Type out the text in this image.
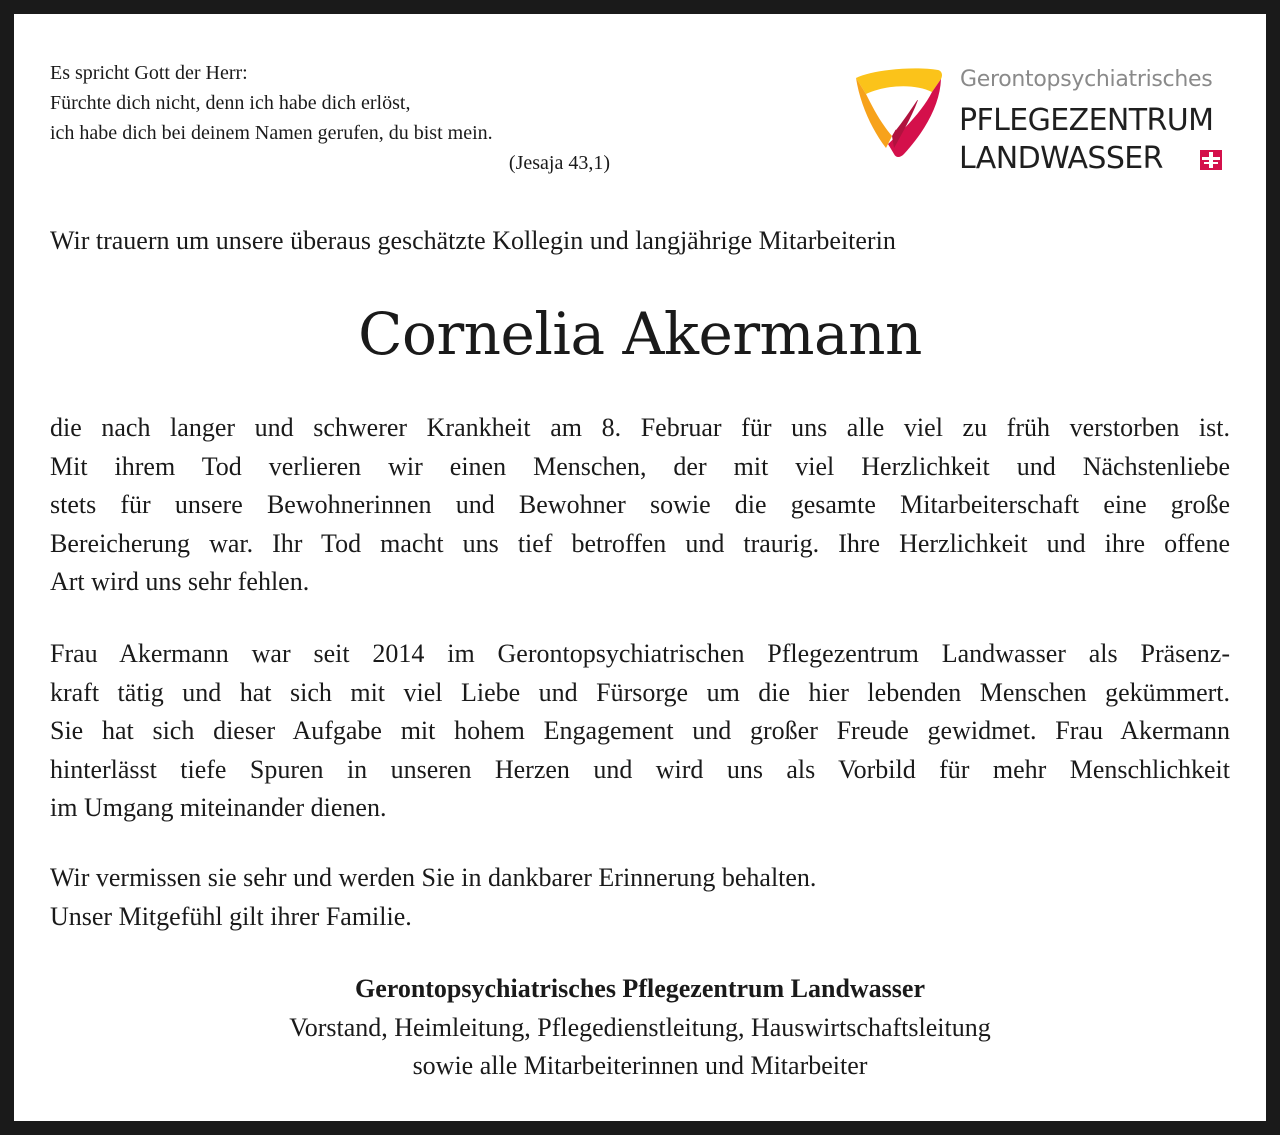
Es spricht Gott der Herr:
Fürchte dich nicht, denn ich habe dich erlöst,
ich habe dich bei deinem Namen gerufen, du bist mein.
(Jesaja 43,1)
Gerontopsychiatrisches
PFLEGEZENTRUM
LANDWASSER
Wir trauern um unsere überaus geschätzte Kollegin und langjährige Mitarbeiterin
Cornelia Akermann
die nach langer und schwerer Krankheit am 8. Februar für uns alle viel zu früh verstorben ist.
Mit ihrem Tod verlieren wir einen Menschen, der mit viel Herzlichkeit und Nächstenliebe
stets für unsere Bewohnerinnen und Bewohner sowie die gesamte Mitarbeiterschaft eine große
Bereicherung war. Ihr Tod macht uns tief betroffen und traurig. Ihre Herzlichkeit und ihre offene
Art wird uns sehr fehlen.
Frau Akermann war seit 2014 im Gerontopsychiatrischen Pflegezentrum Landwasser als Präsenz-
kraft tätig und hat sich mit viel Liebe und Fürsorge um die hier lebenden Menschen gekümmert.
Sie hat sich dieser Aufgabe mit hohem Engagement und großer Freude gewidmet. Frau Akermann
hinterlässt tiefe Spuren in unseren Herzen und wird uns als Vorbild für mehr Menschlichkeit
im Umgang miteinander dienen.
Wir vermissen sie sehr und werden Sie in dankbarer Erinnerung behalten.
Unser Mitgefühl gilt ihrer Familie.
Gerontopsychiatrisches Pflegezentrum Landwasser
Vorstand, Heimleitung, Pflegedienstleitung, Hauswirtschaftsleitung
sowie alle Mitarbeiterinnen und Mitarbeiter
